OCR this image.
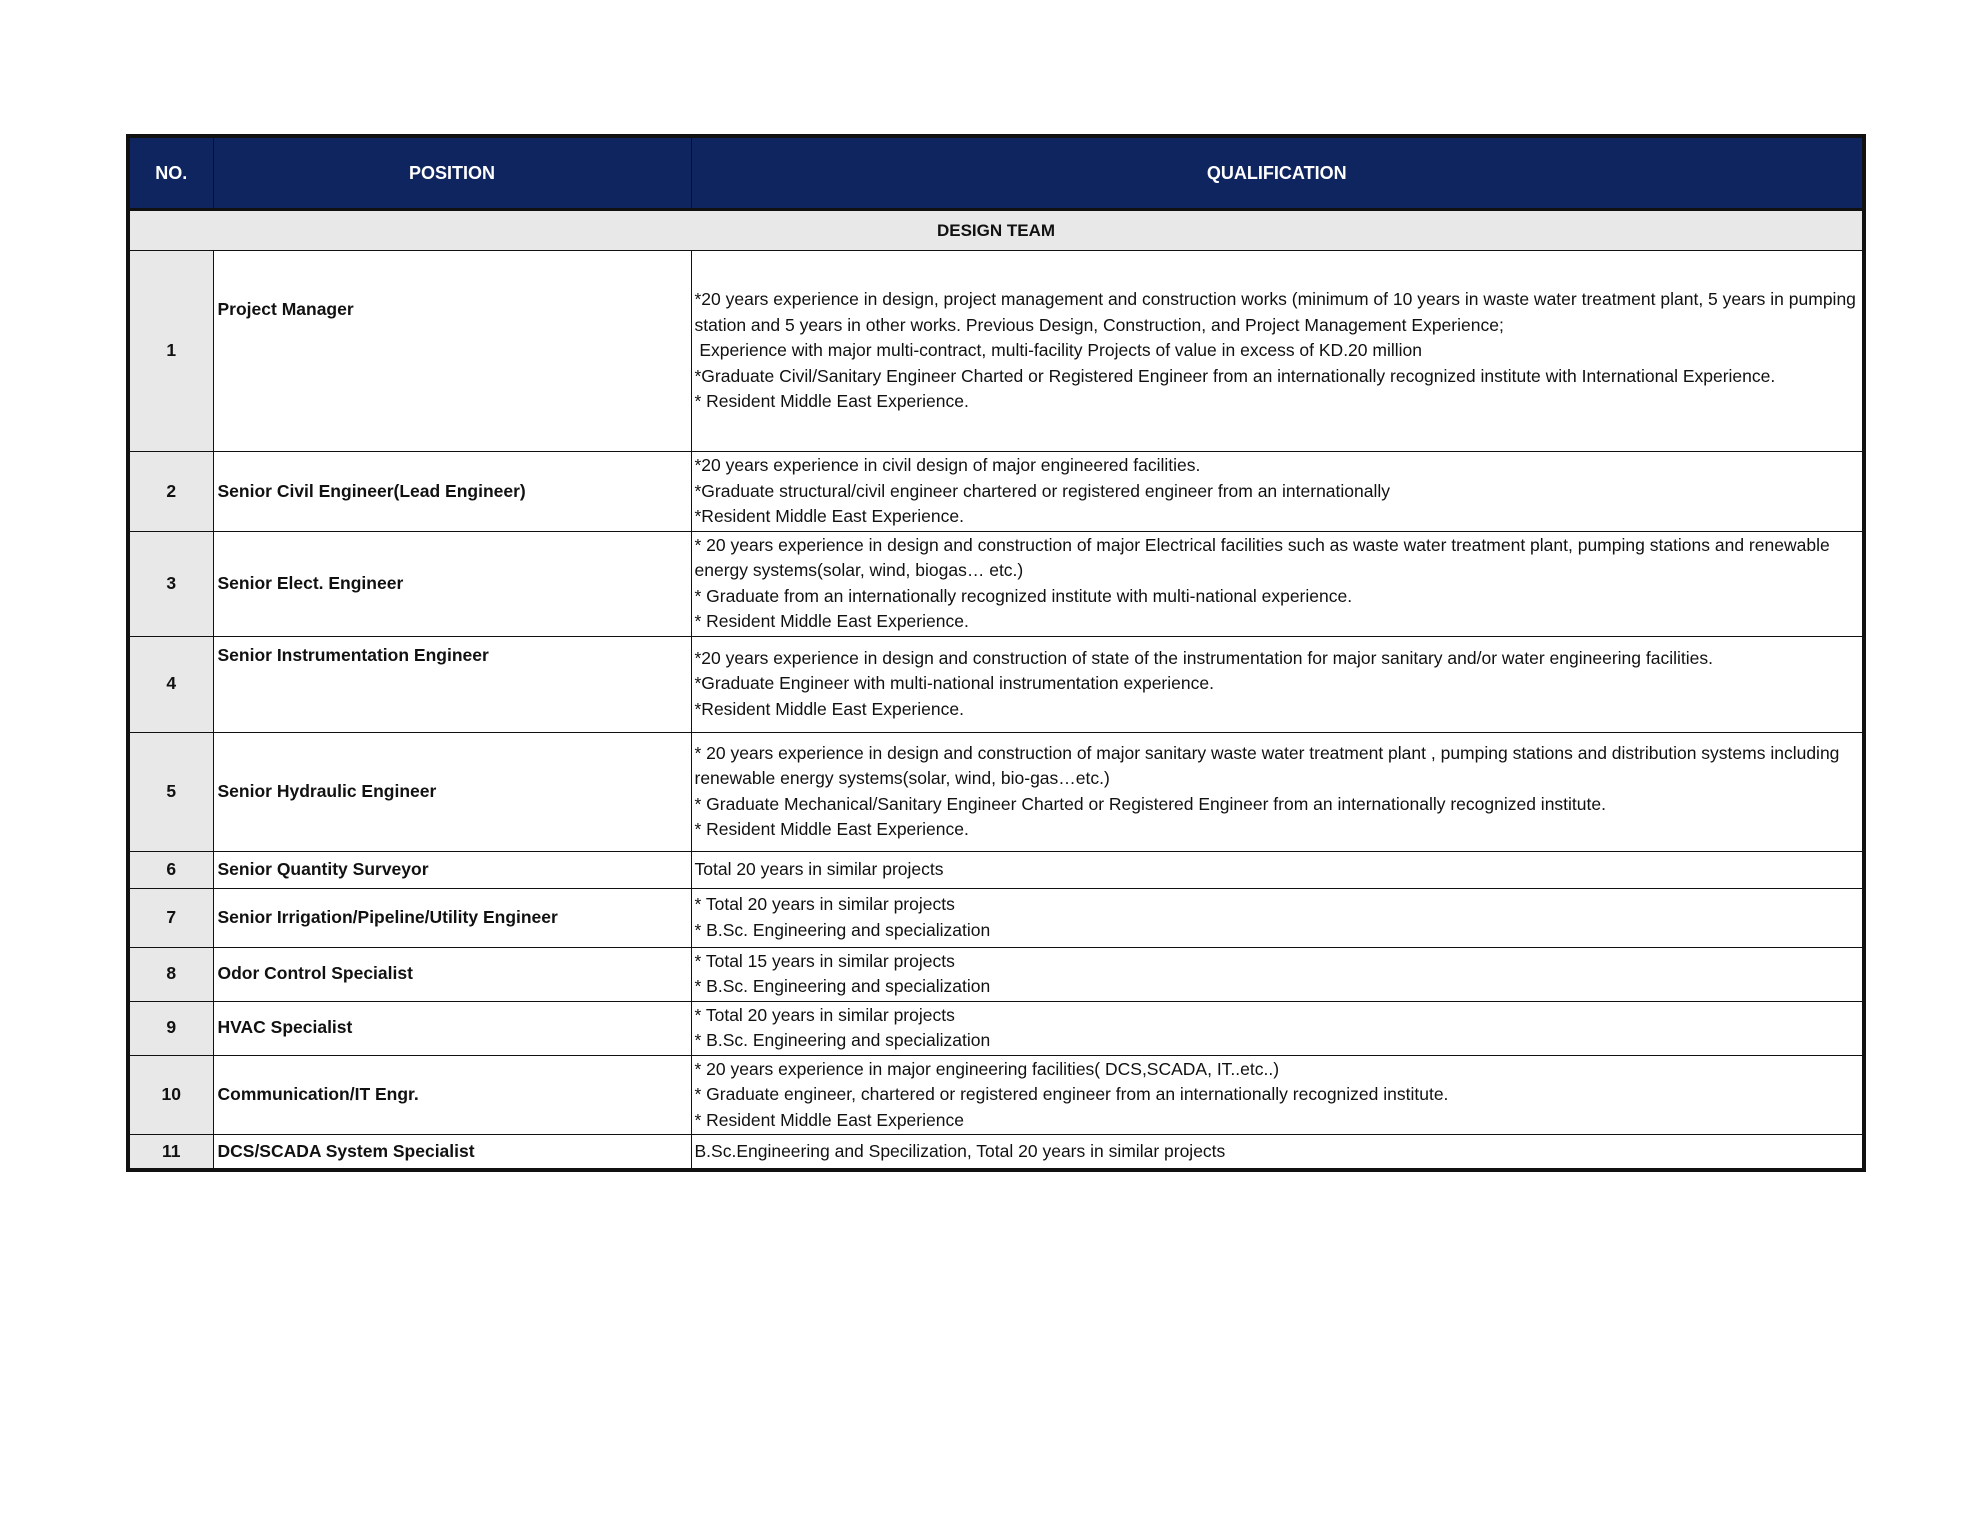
NO.	POSITION	QUALIFICATION
DESIGN TEAM		
1	Project Manager	*20 years experience in design, project management and construction works (minimum of 10 years in waste water treatment plant, 5 years in pumping station and 5 years in other works. Previous Design, Construction, and Project Management Experience;
Experience with major multi-contract, multi-facility Projects of value in excess of KD.20 million
*Graduate Civil/Sanitary Engineer Charted or Registered Engineer from an internationally recognized institute with International Experience.
* Resident Middle East Experience.

2	Senior Civil Engineer(Lead Engineer)	*20 years experience in civil design of major engineered facilities.
*Graduate structural/civil engineer chartered or registered engineer from an internationally
*Resident Middle East Experience.

3	Senior Elect. Engineer	* 20 years experience in design and construction of major Electrical facilities such as waste water treatment plant, pumping stations and renewable energy systems(solar, wind, biogas… etc.)
* Graduate from an internationally recognized institute with multi-national experience.
* Resident Middle East Experience.

4	Senior Instrumentation Engineer	*20 years experience in design and construction of state of the instrumentation for major sanitary and/or water engineering facilities.
*Graduate Engineer with multi-national instrumentation experience.
*Resident Middle East Experience.

5	Senior Hydraulic Engineer	* 20 years experience in design and construction of major sanitary waste water treatment plant , pumping stations and distribution systems including renewable energy systems(solar, wind, bio-gas…etc.)
* Graduate Mechanical/Sanitary Engineer Charted or Registered Engineer from an internationally recognized institute.
* Resident Middle East Experience.

6	Senior Quantity Surveyor	Total 20 years in similar projects

7	Senior Irrigation/Pipeline/Utility Engineer	* Total 20 years in similar projects
* B.Sc. Engineering and specialization

8	Odor Control Specialist	* Total 15 years in similar projects
* B.Sc. Engineering and specialization

9	HVAC Specialist	* Total 20 years in similar projects
* B.Sc. Engineering and specialization

10	Communication/IT Engr.	* 20 years experience in major engineering facilities( DCS,SCADA, IT..etc..)
* Graduate engineer, chartered or registered engineer from an internationally recognized institute.
* Resident Middle East Experience

11	DCS/SCADA System Specialist	B.Sc.Engineering and Specilization, Total 20 years in similar projects
